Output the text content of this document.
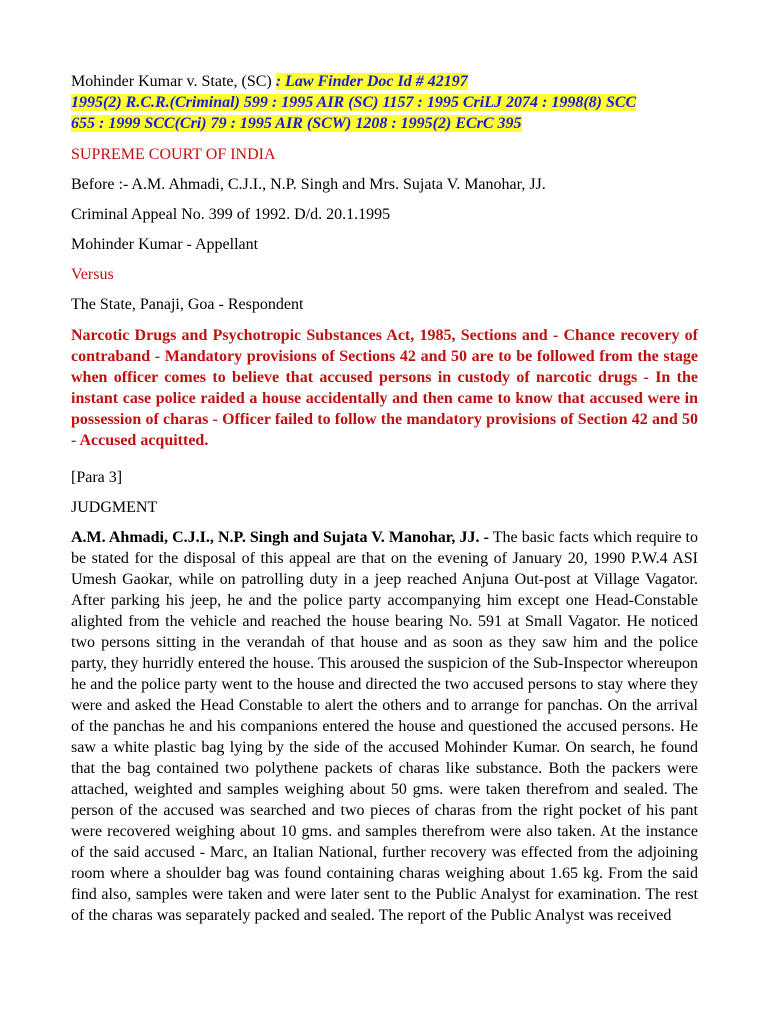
Mohinder Kumar v. State, (SC) : Law Finder Doc Id # 42197

1995(2) R.C.R.(Criminal) 599 : 1995 AIR (SC) 1157 : 1995 CriLJ 2074 : 1998(8) SCC
655 : 1999 SCC(Cri) 79 : 1995 AIR (SCW) 1208 : 1995(2) ECrC 395

SUPREME COURT OF INDIA

Before :- A.M. Ahmadi, C.J.I., N.P. Singh and Mrs. Sujata V. Manohar, JJ.

Criminal Appeal No. 399 of 1992. D/d. 20.1.1995

Mohinder Kumar - Appellant

Versus

The State, Panaji, Goa - Respondent

Narcotic Drugs and Psychotropic Substances Act, 1985, Sections and - Chance recovery of contraband - Mandatory provisions of Sections 42 and 50 are to be followed from the stage when officer comes to believe that accused persons in custody of narcotic drugs - In the instant case police raided a house accidentally and then came to know that accused were in possession of charas - Officer failed to follow the mandatory provisions of Section 42 and 50 - Accused acquitted.

[Para 3]

JUDGMENT

A.M. Ahmadi, C.J.I., N.P. Singh and Sujata V. Manohar, JJ. - The basic facts which require to be stated for the disposal of this appeal are that on the evening of January 20, 1990 P.W.4 ASI Umesh Gaokar, while on patrolling duty in a jeep reached Anjuna Out-post at Village Vagator. After parking his jeep, he and the police party accompanying him except one Head-Constable alighted from the vehicle and reached the house bearing No. 591 at Small Vagator. He noticed two persons sitting in the verandah of that house and as soon as they saw him and the police party, they hurridly entered the house. This aroused the suspicion of the Sub-Inspector whereupon he and the police party went to the house and directed the two accused persons to stay where they were and asked the Head Constable to alert the others and to arrange for panchas. On the arrival of the panchas he and his companions entered the house and questioned the accused persons. He saw a white plastic bag lying by the side of the accused Mohinder Kumar. On search, he found that the bag contained two polythene packets of charas like substance. Both the packers were attached, weighted and samples weighing about 50 gms. were taken therefrom and sealed. The person of the accused was searched and two pieces of charas from the right pocket of his pant were recovered weighing about 10 gms. and samples therefrom were also taken. At the instance of the said accused - Marc, an Italian National, further recovery was effected from the adjoining room where a shoulder bag was found containing charas weighing about 1.65 kg. From the said find also, samples were taken and were later sent to the Public Analyst for examination. The rest of the charas was separately packed and sealed. The report of the Public Analyst was received
